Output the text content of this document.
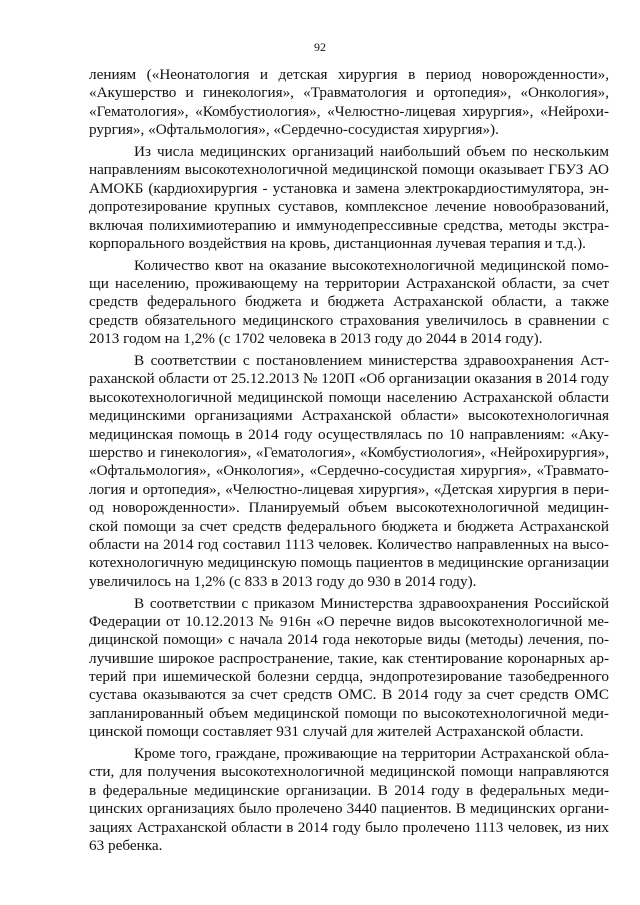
92
лениям («Неонатология и детская хирургия в период новорожденности»,
«Акушерство и гинекология», «Травматология и ортопедия», «Онкология»,
«Гематология», «Комбустиология», «Челюстно-лицевая хирургия», «Нейрохи-
рургия», «Офтальмология», «Сердечно-сосудистая хирургия»).
Из числа медицинских организаций наибольший объем по нескольким
направлениям высокотехнологичной медицинской помощи оказывает ГБУЗ АО
АМОКБ (кардиохирургия - установка и замена электрокардиостимулятора, эн-
допротезирование крупных суставов, комплексное лечение новообразований,
включая полихимиотерапию и иммунодепрессивные средства, методы экстра-
корпорального воздействия на кровь, дистанционная лучевая терапия и т.д.).
Количество квот на оказание высокотехнологичной медицинской помо-
щи населению, проживающему на территории Астраханской области, за счет
средств федерального бюджета и бюджета Астраханской области, а также
средств обязательного медицинского страхования увеличилось в сравнении с
2013 годом на 1,2% (с 1702 человека в 2013 году до 2044 в 2014 году).
В соответствии с постановлением министерства здравоохранения Аст-
раханской области от 25.12.2013 № 120П «Об организации оказания в 2014 году
высокотехнологичной медицинской помощи населению Астраханской области
медицинскими организациями Астраханской области» высокотехнологичная
медицинская помощь в 2014 году осуществлялась по 10 направлениям: «Аку-
шерство и гинекология», «Гематология», «Комбустиология», «Нейрохирургия»,
«Офтальмология», «Онкология», «Сердечно-сосудистая хирургия», «Травмато-
логия и ортопедия», «Челюстно-лицевая хирургия», «Детская хирургия в пери-
од новорожденности». Планируемый объем высокотехнологичной медицин-
ской помощи за счет средств федерального бюджета и бюджета Астраханской
области на 2014 год составил 1113 человек. Количество направленных на высо-
котехнологичную медицинскую помощь пациентов в медицинские организации
увеличилось на 1,2% (с 833 в 2013 году до 930 в 2014 году).
В соответствии с приказом Министерства здравоохранения Российской
Федерации от 10.12.2013 № 916н «О перечне видов высокотехнологичной ме-
дицинской помощи» с начала 2014 года некоторые виды (методы) лечения, по-
лучившие широкое распространение, такие, как стентирование коронарных ар-
терий при ишемической болезни сердца, эндопротезирование тазобедренного
сустава оказываются за счет средств ОМС. В 2014 году за счет средств ОМС
запланированный объем медицинской помощи по высокотехнологичной меди-
цинской помощи составляет 931 случай для жителей Астраханской области.
Кроме того, граждане, проживающие на территории Астраханской обла-
сти, для получения высокотехнологичной медицинской помощи направляются
в федеральные медицинские организации. В 2014 году в федеральных меди-
цинских организациях было пролечено 3440 пациентов. В медицинских органи-
зациях Астраханской области в 2014 году было пролечено 1113 человек, из них
63 ребенка.
